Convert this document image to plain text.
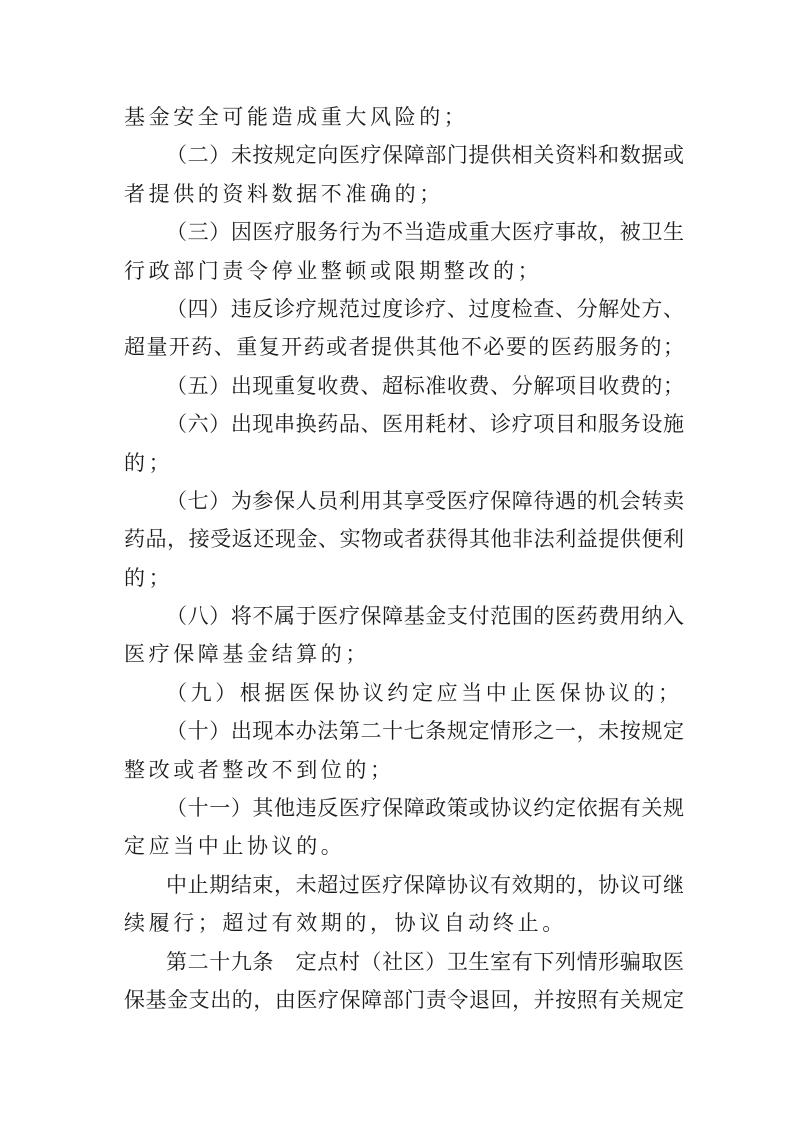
基金安全可能造成重大风险的；
（二）未按规定向医疗保障部门提供相关资料和数据或
者提供的资料数据不准确的；
（三）因医疗服务行为不当造成重大医疗事故，被卫生
行政部门责令停业整顿或限期整改的；
（四）违反诊疗规范过度诊疗、过度检查、分解处方、
超量开药、重复开药或者提供其他不必要的医药服务的；
（五）出现重复收费、超标准收费、分解项目收费的；
（六）出现串换药品、医用耗材、诊疗项目和服务设施
的；
（七）为参保人员利用其享受医疗保障待遇的机会转卖
药品，接受返还现金、实物或者获得其他非法利益提供便利
的；
（八）将不属于医疗保障基金支付范围的医药费用纳入
医疗保障基金结算的；
（九）根据医保协议约定应当中止医保协议的；
（十）出现本办法第二十七条规定情形之一，未按规定
整改或者整改不到位的；
（十一）其他违反医疗保障政策或协议约定依据有关规
定应当中止协议的。
中止期结束，未超过医疗保障协议有效期的，协议可继
续履行；超过有效期的，协议自动终止。
第二十九条　定点村（社区）卫生室有下列情形骗取医
保基金支出的，由医疗保障部门责令退回，并按照有关规定
